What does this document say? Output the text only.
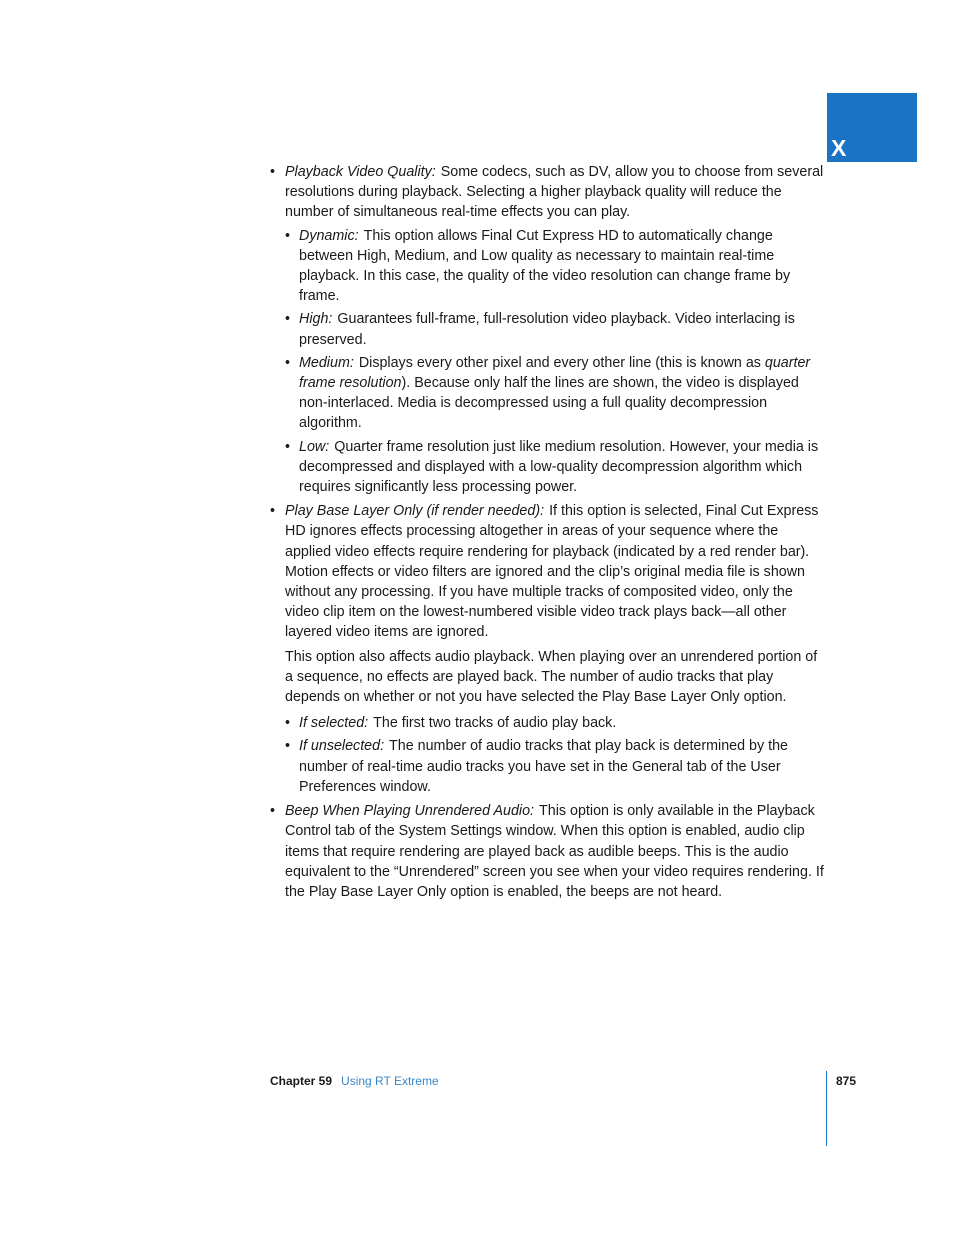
X

• Playback Video Quality: Some codecs, such as DV, allow you to choose from several resolutions during playback. Selecting a higher playback quality will reduce the number of simultaneous real-time effects you can play.

• Dynamic: This option allows Final Cut Express HD to automatically change between High, Medium, and Low quality as necessary to maintain real-time playback. In this case, the quality of the video resolution can change frame by frame.
• High: Guarantees full-frame, full-resolution video playback. Video interlacing is preserved.
• Medium: Displays every other pixel and every other line (this is known as quarter frame resolution). Because only half the lines are shown, the video is displayed non-interlaced. Media is decompressed using a full quality decompression algorithm.
• Low: Quarter frame resolution just like medium resolution. However, your media is decompressed and displayed with a low-quality decompression algorithm which requires significantly less processing power.

• Play Base Layer Only (if render needed): If this option is selected, Final Cut Express HD ignores effects processing altogether in areas of your sequence where the applied video effects require rendering for playback (indicated by a red render bar). Motion effects or video filters are ignored and the clip’s original media file is shown without any processing. If you have multiple tracks of composited video, only the video clip item on the lowest-numbered visible video track plays back—all other layered video items are ignored.

This option also affects audio playback. When playing over an unrendered portion of a sequence, no effects are played back. The number of audio tracks that play depends on whether or not you have selected the Play Base Layer Only option.

• If selected: The first two tracks of audio play back.
• If unselected: The number of audio tracks that play back is determined by the number of real-time audio tracks you have set in the General tab of the User Preferences window.

• Beep When Playing Unrendered Audio: This option is only available in the Playback Control tab of the System Settings window. When this option is enabled, audio clip items that require rendering are played back as audible beeps. This is the audio equivalent to the “Unrendered” screen you see when your video requires rendering. If the Play Base Layer Only option is enabled, the beeps are not heard.

Chapter 59 Using RT Extreme	875
